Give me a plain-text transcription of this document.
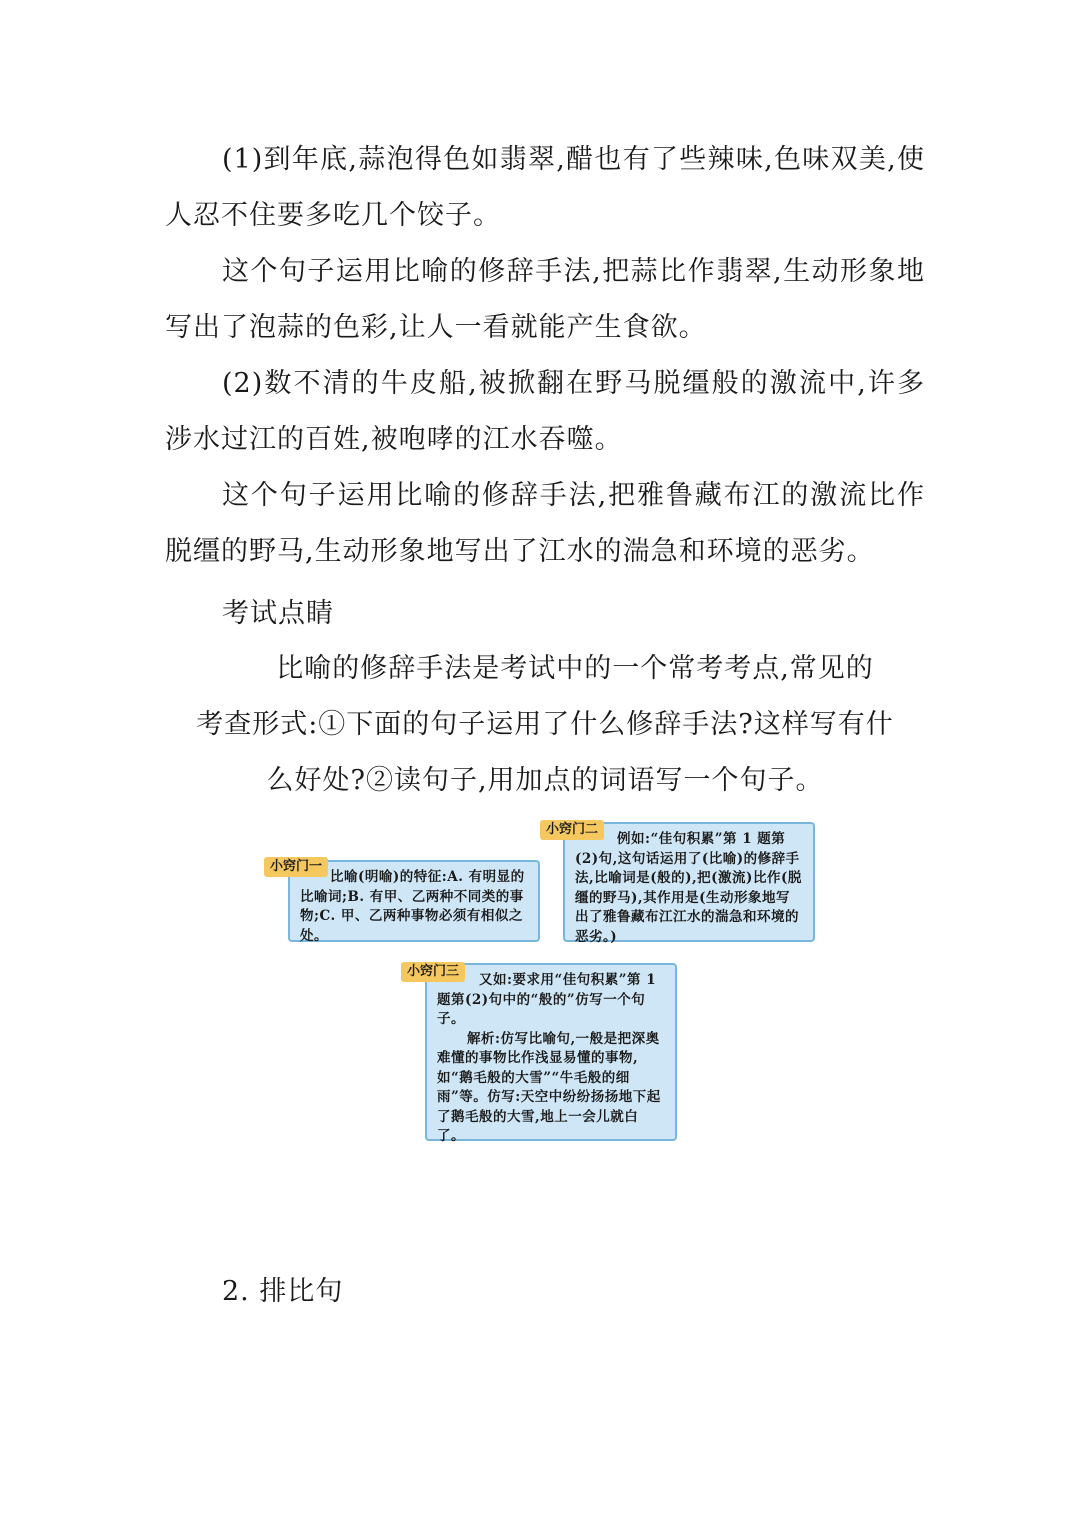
(1)到年底,蒜泡得色如翡翠,醋也有了些辣味,色味双美,使人忍不住要多吃几个饺子。

这个句子运用比喻的修辞手法,把蒜比作翡翠,生动形象地写出了泡蒜的色彩,让人一看就能产生食欲。

(2)数不清的牛皮船,被掀翻在野马脱缰般的激流中,许多涉水过江的百姓,被咆哮的江水吞噬。

这个句子运用比喻的修辞手法,把雅鲁藏布江的激流比作脱缰的野马,生动形象地写出了江水的湍急和环境的恶劣。

考试点睛

比喻的修辞手法是考试中的一个常考考点,常见的

考查形式:①下面的句子运用了什么修辞手法?这样写有什

么好处?②读句子,用加点的词语写一个句子。

比喻(明喻)的特征:A. 有明显的比喻词;B. 有甲、乙两种不同类的事物;C. 甲、乙两种事物必须有相似之处。

小窍门一

例如:“佳句积累”第 1 题第(2)句,这句话运用了(比喻)的修辞手法,比喻词是(般的),把(激流)比作(脱缰的野马),其作用是(生动形象地写出了雅鲁藏布江江水的湍急和环境的恶劣。)

小窍门二

又如:要求用“佳句积累”第 1 题第(2)句中的“般的”仿写一个句子。

解析:仿写比喻句,一般是把深奥难懂的事物比作浅显易懂的事物,如“鹅毛般的大雪”“牛毛般的细雨”等。仿写:天空中纷纷扬扬地下起了鹅毛般的大雪,地上一会儿就白了。

小窍门三

2. 排比句
